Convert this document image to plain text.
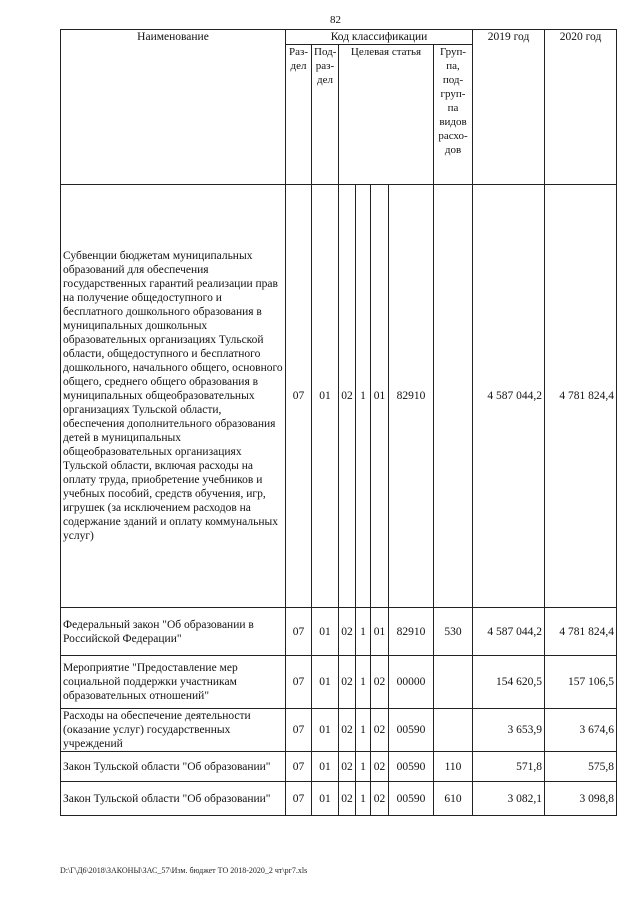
82
Наименование	Код классификации							2019 год	2020 год
	Раз-дел	Под-раз-дел	Целевая статья				Груп-па, под-груп-па видов расхо-дов		
Субвенции бюджетам муниципальных образований для обеспечения государственных гарантий реализации прав на получение общедоступного и бесплатного дошкольного образования в муниципальных дошкольных образовательных организациях Тульской области, общедоступного и бесплатного дошкольного, начального общего, основного общего, среднего общего образования в муниципальных общеобразовательных организациях Тульской области, обеспечения дополнительного образования детей в муниципальных общеобразовательных организациях Тульской области, включая расходы на оплату труда, приобретение учебников и учебных пособий, средств обучения, игр, игрушек (за исключением расходов на содержание зданий и оплату коммунальных услуг)	07	01	02	1	01	82910		4 587 044,2	4 781 824,4
Федеральный закон "Об образовании в Российской Федерации"	07	01	02	1	01	82910	530	4 587 044,2	4 781 824,4
Мероприятие "Предоставление мер социальной поддержки участникам образовательных отношений"	07	01	02	1	02	00000		154 620,5	157 106,5
Расходы на обеспечение деятельности (оказание услуг) государственных учреждений	07	01	02	1	02	00590		3 653,9	3 674,6
Закон Тульской области "Об образовании"	07	01	02	1	02	00590	110	571,8	575,8
Закон Тульской области "Об образовании"	07	01	02	1	02	00590	610	3 082,1	3 098,8
D:\Г\Д6\2018\ЗАКОНЫ\ЗАС_57\Изм. бюджет ТО 2018-2020_2 чт\рг7.xls
